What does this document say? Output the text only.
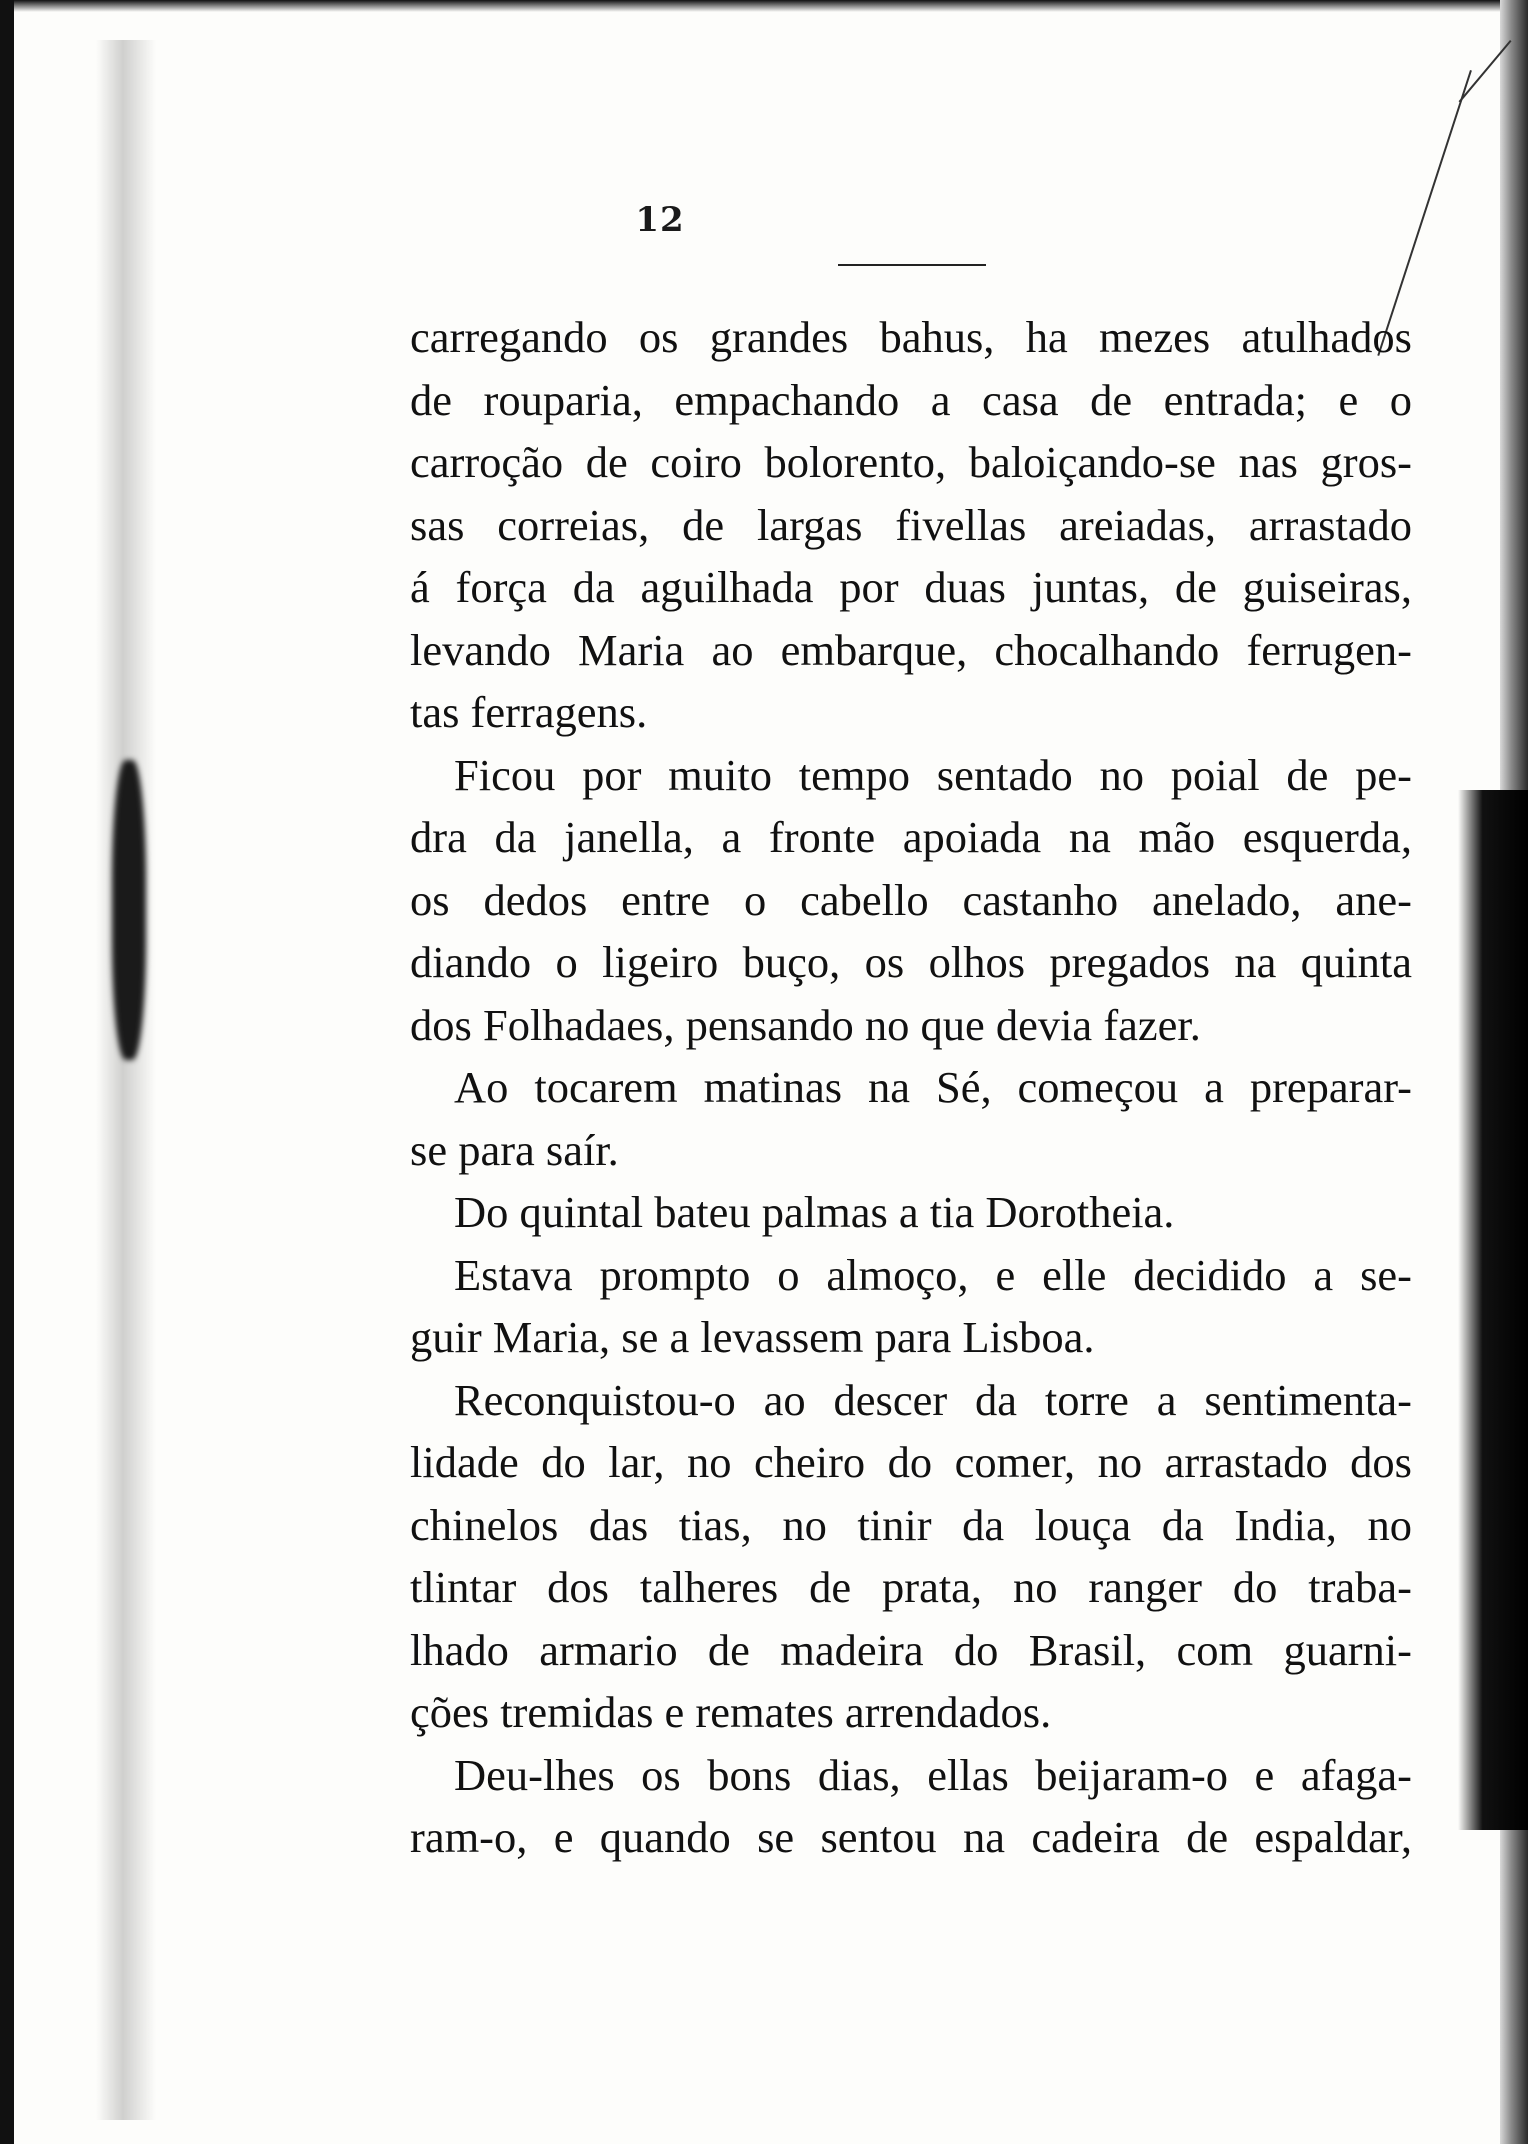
12
carregando os grandes bahus, ha mezes atulhados
de rouparia, empachando a casa de entrada; e o
carroção de coiro bolorento, baloiçando-se nas gros-
sas correias, de largas fivellas areiadas, arrastado
á força da aguilhada por duas juntas, de guiseiras,
levando Maria ao embarque, chocalhando ferrugen-
tas ferragens.
Ficou por muito tempo sentado no poial de pe-
dra da janella, a fronte apoiada na mão esquerda,
os dedos entre o cabello castanho anelado, ane-
diando o ligeiro buço, os olhos pregados na quinta
dos Folhadaes, pensando no que devia fazer.
Ao tocarem matinas na Sé, começou a preparar-
se para saír.
Do quintal bateu palmas a tia Dorotheia.
Estava prompto o almoço, e elle decidido a se-
guir Maria, se a levassem para Lisboa.
Reconquistou-o ao descer da torre a sentimenta-
lidade do lar, no cheiro do comer, no arrastado dos
chinelos das tias, no tinir da louça da India, no
tlintar dos talheres de prata, no ranger do traba-
lhado armario de madeira do Brasil, com guarni-
ções tremidas e remates arrendados.
Deu-lhes os bons dias, ellas beijaram-o e afaga-
ram-o, e quando se sentou na cadeira de espaldar,
